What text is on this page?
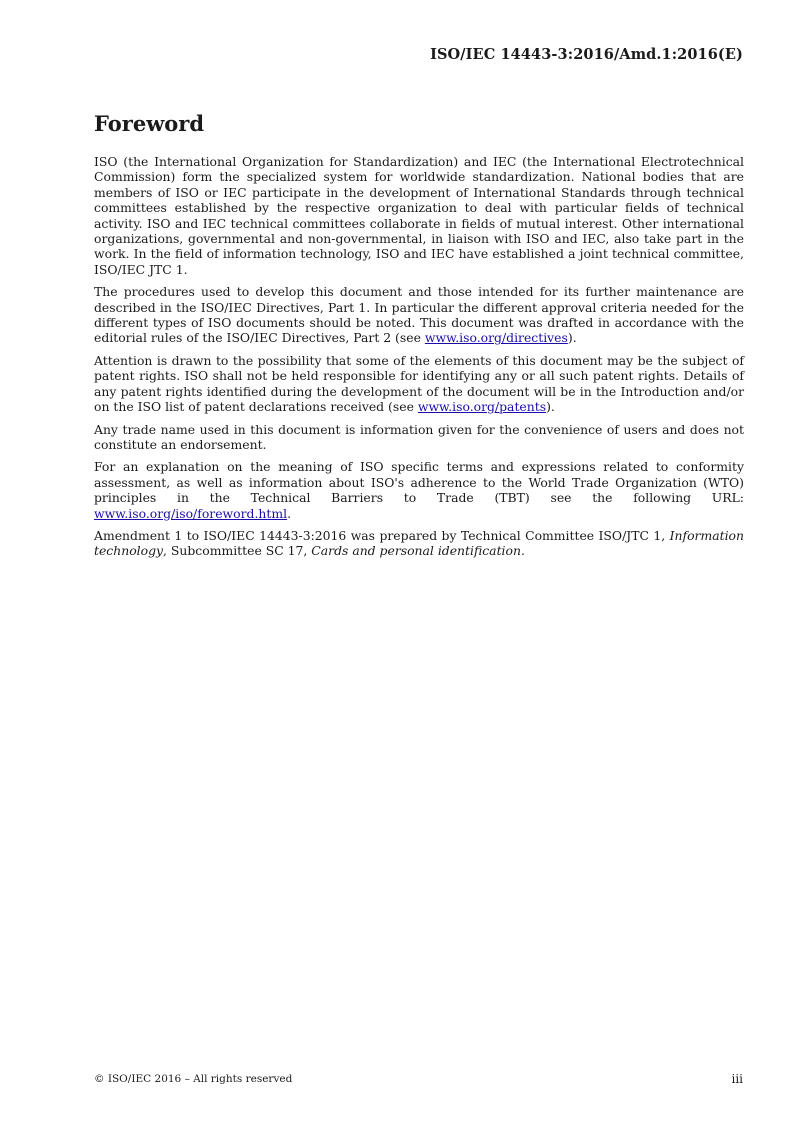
ISO/IEC 14443-3:2016/Amd.1:2016(E)
Foreword

ISO (the International Organization for Standardization) and IEC (the International Electrotechnical Commission) form the specialized system for worldwide standardization. National bodies that are members of ISO or IEC participate in the development of International Standards through technical committees established by the respective organization to deal with particular fields of technical activity. ISO and IEC technical committees collaborate in fields of mutual interest. Other international organizations, governmental and non-governmental, in liaison with ISO and IEC, also take part in the work. In the field of information technology, ISO and IEC have established a joint technical committee, ISO/IEC JTC 1.

The procedures used to develop this document and those intended for its further maintenance are described in the ISO/IEC Directives, Part 1. In particular the different approval criteria needed for the different types of ISO documents should be noted. This document was drafted in accordance with the editorial rules of the ISO/IEC Directives, Part 2 (see www.iso.org/directives).

Attention is drawn to the possibility that some of the elements of this document may be the subject of patent rights. ISO shall not be held responsible for identifying any or all such patent rights. Details of any patent rights identified during the development of the document will be in the Introduction and/or on the ISO list of patent declarations received (see www.iso.org/patents).

Any trade name used in this document is information given for the convenience of users and does not constitute an endorsement.

For an explanation on the meaning of ISO specific terms and expressions related to conformity assessment, as well as information about ISO's adherence to the World Trade Organization (WTO) principles in the Technical Barriers to Trade (TBT) see the following URL: www.iso.org/iso/foreword.html.

Amendment 1 to ISO/IEC 14443-3:2016 was prepared by Technical Committee ISO/JTC 1, Information technology, Subcommittee SC 17, Cards and personal identification.

© ISO/IEC 2016 – All rights reserved	iii
